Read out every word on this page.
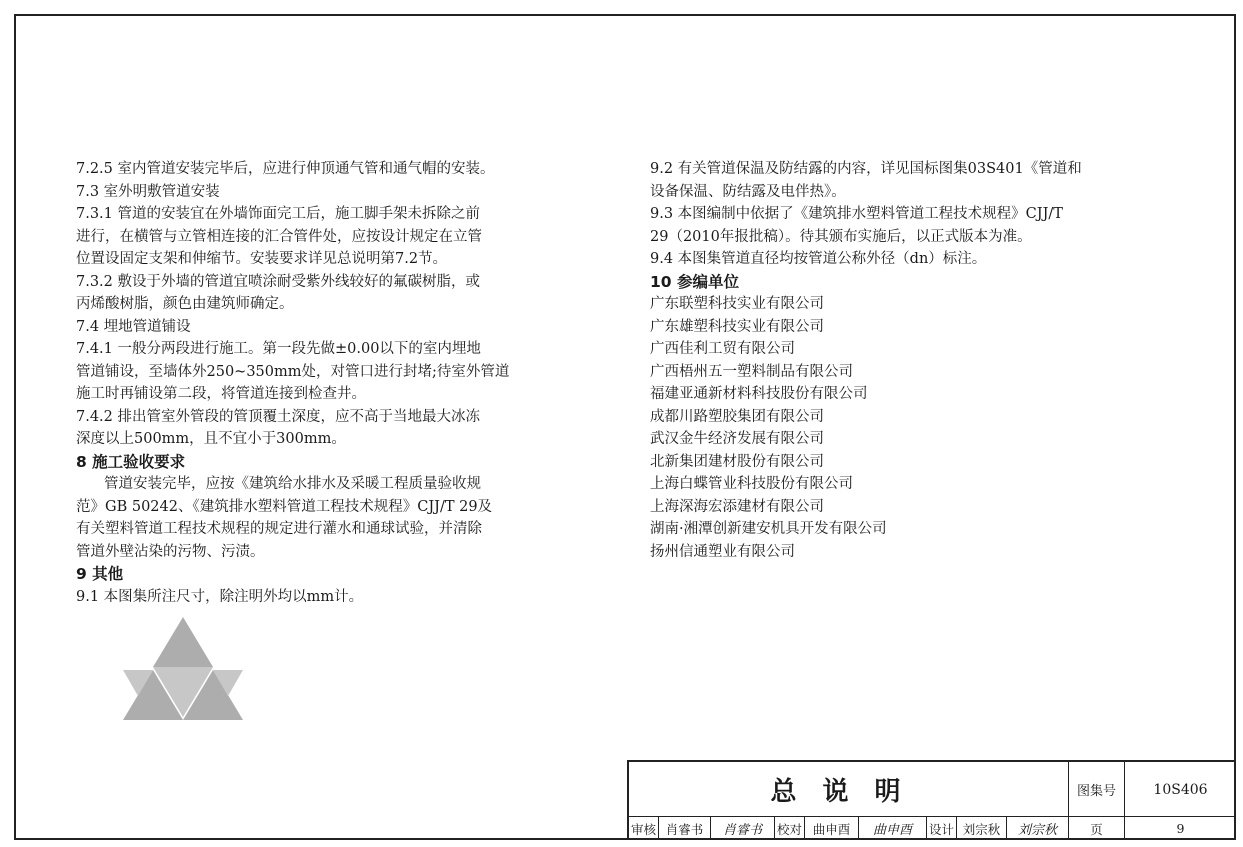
7.2.5 室内管道安装完毕后，应进行伸顶通气管和通气帽的安装。
7.3 室外明敷管道安装
7.3.1 管道的安装宜在外墙饰面完工后，施工脚手架未拆除之前
进行，在横管与立管相连接的汇合管件处，应按设计规定在立管
位置设固定支架和伸缩节。安装要求详见总说明第7.2节。
7.3.2 敷设于外墙的管道宜喷涂耐受紫外线较好的氟碳树脂，或
丙烯酸树脂，颜色由建筑师确定。
7.4 埋地管道铺设
7.4.1 一般分两段进行施工。第一段先做±0.00以下的室内埋地
管道铺设，至墙体外250~350mm处，对管口进行封堵;待室外管道
施工时再铺设第二段，将管道连接到检查井。
7.4.2 排出管室外管段的管顶覆土深度，应不高于当地最大冰冻
深度以上500mm，且不宜小于300mm。
8 施工验收要求
管道安装完毕，应按《建筑给水排水及采暖工程质量验收规
范》GB 50242、《建筑排水塑料管道工程技术规程》CJJ/T 29及
有关塑料管道工程技术规程的规定进行灌水和通球试验，并清除
管道外壁沾染的污物、污渍。
9 其他
9.1 本图集所注尺寸，除注明外均以mm计。
9.2 有关管道保温及防结露的内容，详见国标图集03S401《管道和
设备保温、防结露及电伴热》。
9.3 本图编制中依据了《建筑排水塑料管道工程技术规程》CJJ/T
29（2010年报批稿）。待其颁布实施后，以正式版本为准。
9.4 本图集管道直径均按管道公称外径（dn）标注。
10 参编单位
广东联塑科技实业有限公司
广东雄塑科技实业有限公司
广西佳利工贸有限公司
广西梧州五一塑料制品有限公司
福建亚通新材料科技股份有限公司
成都川路塑胶集团有限公司
武汉金牛经济发展有限公司
北新集团建材股份有限公司
上海白蝶管业科技股份有限公司
上海深海宏添建材有限公司
湖南·湘潭创新建安机具开发有限公司
扬州信通塑业有限公司
总说明	图集号	10S406
审核 肖睿书	肖睿书	校对 曲申酉	曲申酉	设计 刘宗秋	刘宗秋	页	9
